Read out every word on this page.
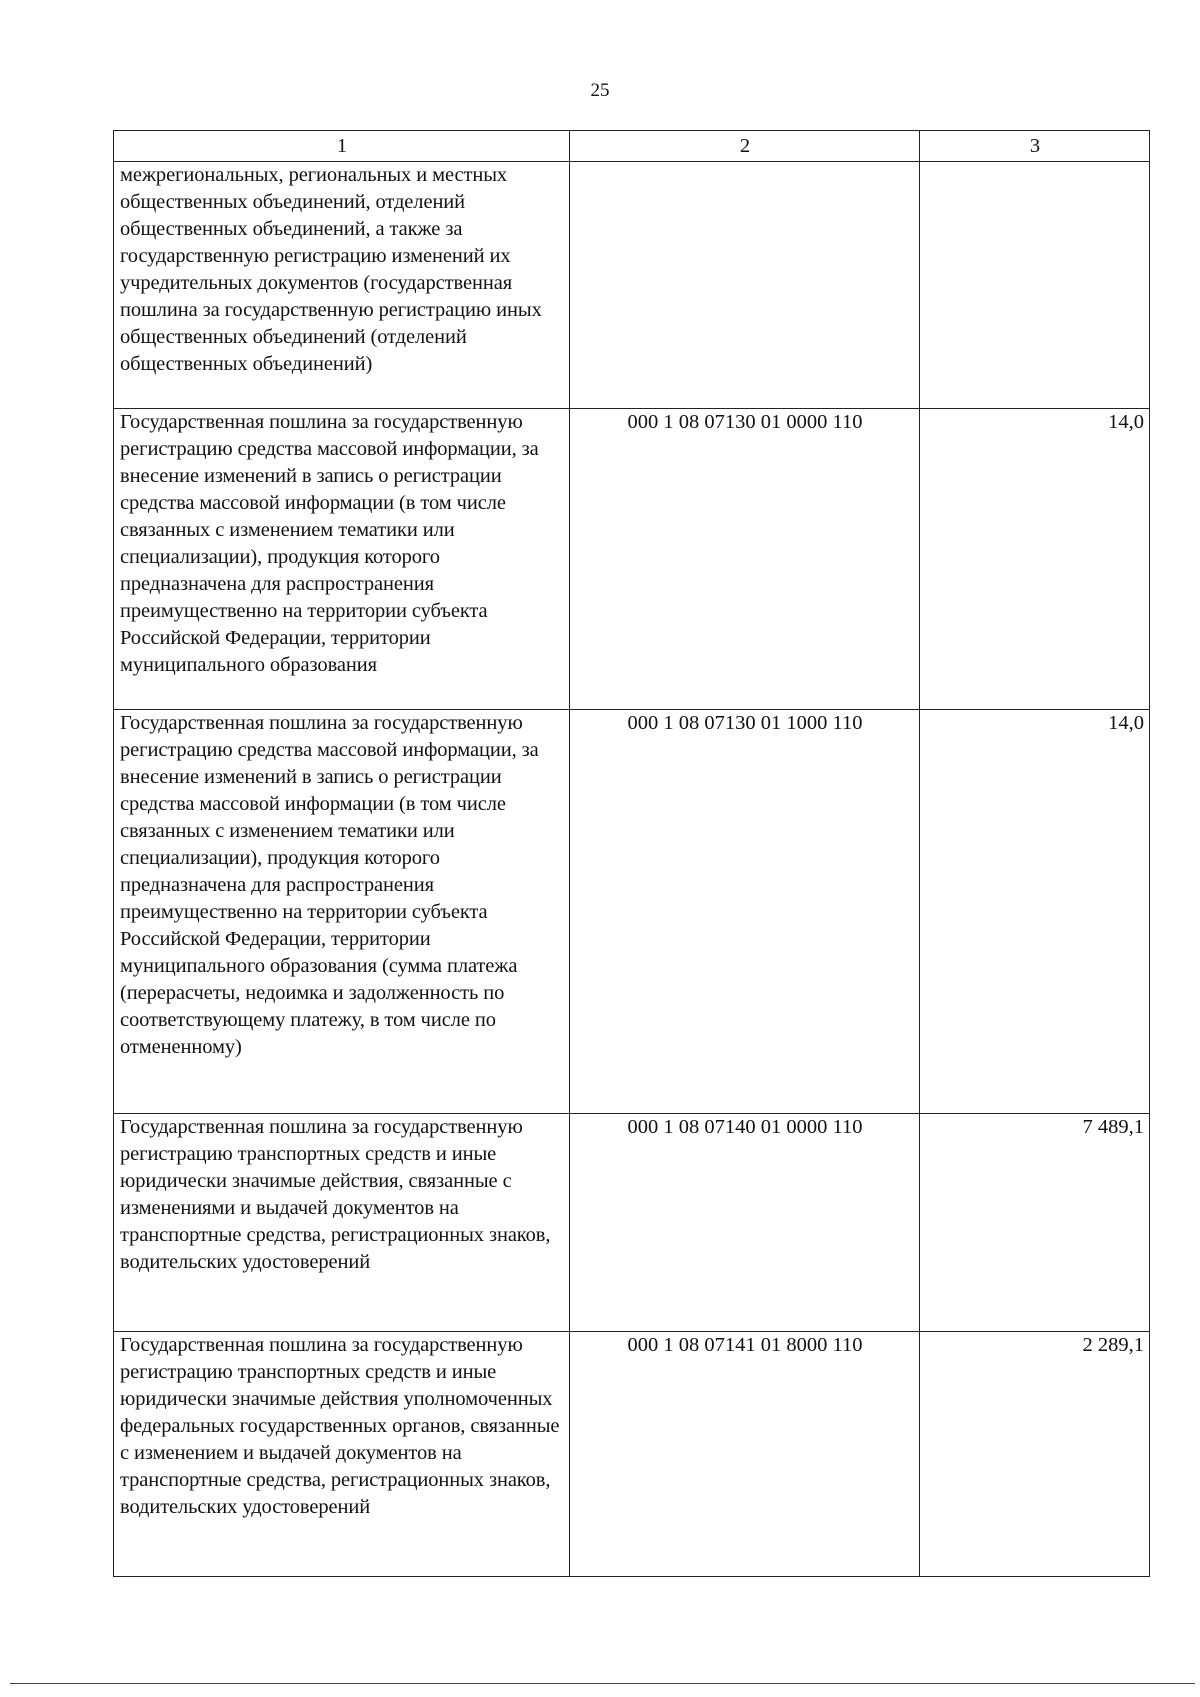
25
1	2	3
межрегиональных, региональных и местных общественных объединений, отделений общественных объединений, а также за государственную регистрацию изменений их учредительных документов (государственная пошлина за государственную регистрацию иных общественных объединений (отделений общественных объединений)		
Государственная пошлина за государственную регистрацию средства массовой информации, за внесение изменений в запись о регистрации средства массовой информации (в том числе связанных с изменением тематики или специализации), продукция которого предназначена для распространения преимущественно на территории субъекта Российской Федерации, территории муниципального образования	000 1 08 07130 01 0000 110	14,0
Государственная пошлина за государственную регистрацию средства массовой информации, за внесение изменений в запись о регистрации средства массовой информации (в том числе связанных с изменением тематики или специализации), продукция которого предназначена для распространения преимущественно на территории субъекта Российской Федерации, территории муниципального образования (сумма платежа (перерасчеты, недоимка и задолженность по соответствующему платежу, в том числе по отмененному)	000 1 08 07130 01 1000 110	14,0
Государственная пошлина за государственную регистрацию транспортных средств и иные юридически значимые действия, связанные с изменениями и выдачей документов на транспортные средства, регистрационных знаков, водительских удостоверений	000 1 08 07140 01 0000 110	7 489,1
Государственная пошлина за государственную регистрацию транспортных средств и иные юридически значимые действия уполномоченных федеральных государственных органов, связанные с изменением и выдачей документов на транспортные средства, регистрационных знаков, водительских удостоверений	000 1 08 07141 01 8000 110	2 289,1
